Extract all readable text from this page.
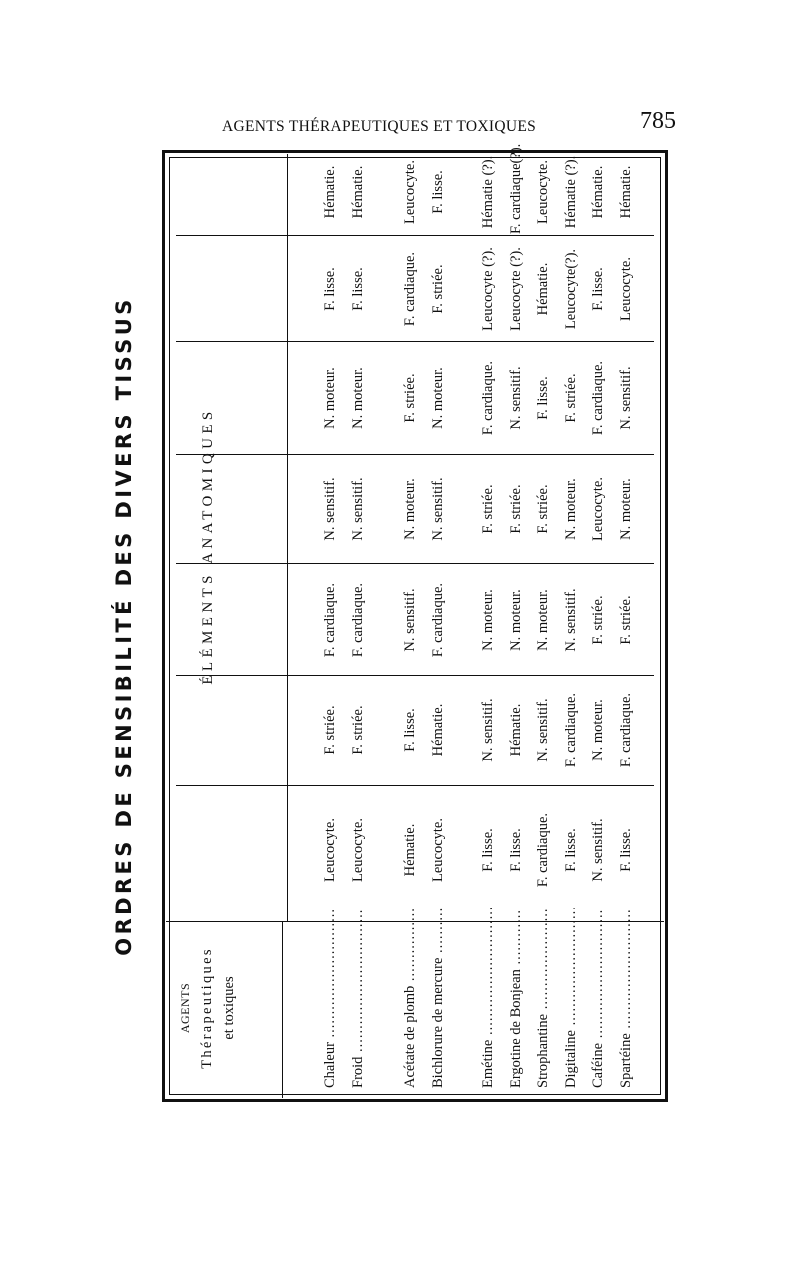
AGENTS THÉRAPEUTIQUES ET TOXIQUES	785
ORDRES DE SENSIBILITÉ DES DIVERS TISSUS
AGENTS Thérapeutiques et toxiques
ÉLÉMENTS ANATOMIQUES
Chaleur .....
Leucocyte.
F. striée.
F. cardiaque.
N. sensitif.
N. moteur.
F. lisse.
Hématie.
Froid .....
Leucocyte.
F. striée.
F. cardiaque.
N. sensitif.
N. moteur.
F. lisse.
Hématie.
Acétate de plomb .....
Hématie.
F. lisse.
N. sensitif.
N. moteur.
F. striée.
F. cardiaque.
Leucocyte.
Bichlorure de mercure .....
Leucocyte.
Hématie.
F. cardiaque.
N. sensitif.
N. moteur.
F. striée.
F. lisse.
Emétine .....
F. lisse.
N. sensitif.
N. moteur.
F. striée.
F. cardiaque.
Leucocyte (?).
Hématie (?).
Ergotine de Bonjean .....
F. lisse.
Hématie.
N. moteur.
F. striée.
N. sensitif.
Leucocyte (?).
F. cardiaque(?).
Strophantine .....
F. cardiaque.
N. sensitif.
N. moteur.
F. striée.
F. lisse.
Hématie.
Leucocyte.
Digitaline .....
F. lisse.
F. cardiaque.
N. sensitif.
N. moteur.
F. striée.
Leucocyte(?).
Hématie (?).
Caféine .....
N. sensitif.
N. moteur.
F. striée.
Leucocyte.
F. cardiaque.
F. lisse.
Hématie.
Spartéine .....
F. lisse.
F. cardiaque.
F. striée.
N. moteur.
N. sensitif.
Leucocyte.
Hématie.
